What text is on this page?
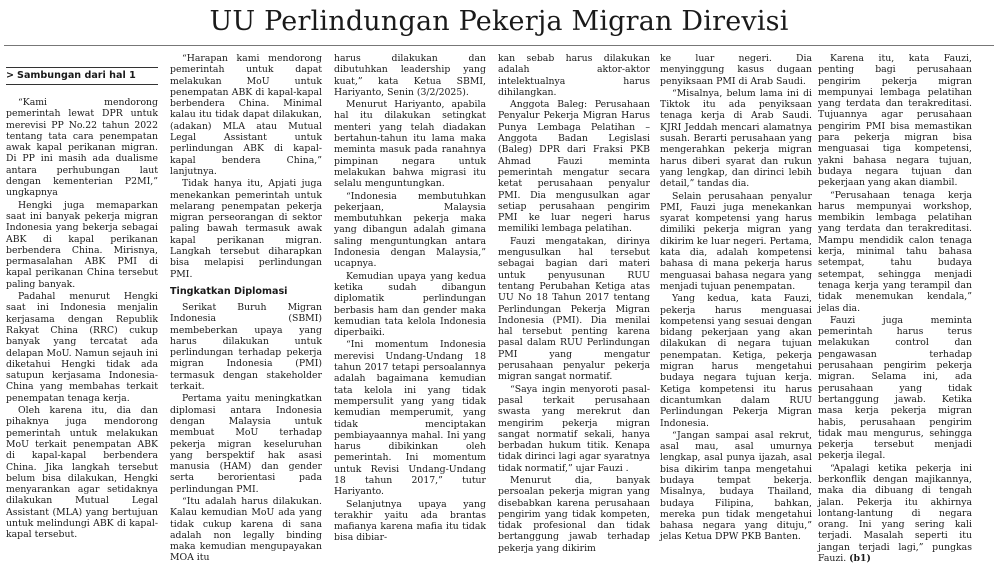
UU Perlindungan Pekerja Migran Direvisi
> Sambungan dari hal 1

“Kami mendorong pemerintah lewat DPR untuk merevisi PP No.22 tahun 2022 tentang tata cara penempatan awak kapal perikanan migran. Di PP ini masih ada dualisme antara perhubungan laut dengan kementerian P2MI,” ungkapnya

Hengki juga memaparkan saat ini banyak pekerja migran Indonesia yang bekerja sebagai ABK di kapal perikanan berbendera China. Mirisnya, permasalahan ABK PMI di kapal perikanan China tersebut paling banyak.

Padahal menurut Hengki saat ini Indonesia menjalin kerjasama dengan Republik Rakyat China (RRC) cukup banyak yang tercatat ada delapan MoU. Namun sejauh ini diketahui Hengki tidak ada satupun kerjasama Indonesia-China yang membahas terkait penempatan tenaga kerja.

Oleh karena itu, dia dan pihaknya juga mendorong pemerintah untuk melakukan MoU terkait penempatan ABK di kapal-kapal berbendera China. Jika langkah tersebut belum bisa dilakukan, Hengki menyarankan agar setidaknya dilakukan Mutual Legal Assistant (MLA) yang bertujuan untuk melindungi ABK di kapal-kapal tersebut.

“Harapan kami mendorong pemerintah untuk dapat melakukan MoU untuk penempatan ABK di kapal-kapal berbendera China. Minimal kalau itu tidak dapat dilakukan, (adakan) MLA atau Mutual Legal Assistant untuk perlindungan ABK di kapal-kapal bendera China,” lanjutnya.

Tidak hanya itu, Apjati juga menekankan pemerintah untuk melarang penempatan pekerja migran perseorangan di sektor paling bawah termasuk awak kapal perikanan migran. Langkah tersebut diharapkan bisa melapisi perlindungan PMI.

Tingkatkan Diplomasi

Serikat Buruh Migran Indonesia (SBMI) membeberkan upaya yang harus dilakukan untuk perlindungan terhadap pekerja migran Indonesia (PMI) termasuk dengan stakeholder terkait.

Pertama yaitu meningkatkan diplomasi antara Indonesia dengan Malaysia untuk membuat MoU terhadap pekerja migran keseluruhan yang berspektif hak asasi manusia (HAM) dan gender serta berorientasi pada perlindungan PMI.

“Itu adalah harus dilakukan. Kalau kemudian MoU ada yang tidak cukup karena di sana adalah non legally binding maka kemudian mengupayakan MOA itu

harus dilakukan dan dibutuhkan leadership yang kuat,” kata Ketua SBMI, Hariyanto, Senin (3/2/2025).

Menurut Hariyanto, apabila hal itu dilakukan setingkat menteri yang telah diadakan bertahun-tahun itu lama maka meminta masuk pada ranahnya pimpinan negara untuk melakukan bahwa migrasi itu selalu menguntungkan.

“Indonesia membutuhkan pekerjaan, Malaysia membutuhkan pekerja maka yang dibangun adalah gimana saling menguntungkan antara Indonesia dengan Malaysia,” ucapnya.

Kemudian upaya yang kedua ketika sudah dibangun diplomatik perlindungan berbasis ham dan gender maka kemudian tata kelola Indonesia diperbaiki.

“Ini momentum Indonesia merevisi Undang-Undang 18 tahun 2017 tetapi persoalannya adalah bagaimana kemudian tata kelola ini yang tidak mempersulit yang yang tidak kemudian memperumit, yang tidak menciptakan pembiayaannya mahal. Ini yang harus dibikinkan oleh pemerintah. Ini momentum untuk Revisi Undang-Undang 18 tahun 2017,” tutur Hariyanto.

Selanjutnya upaya yang terakhir yaitu ada brantas mafianya karena mafia itu tidak bisa dibiar-

kan sebab harus dilakukan adalah aktor-aktor intelektualnya harus dihilangkan.

Anggota Baleg: Perusahaan Penyalur Pekerja Migran Harus Punya Lembaga Pelatihan – Anggota Badan Legislasi (Baleg) DPR dari Fraksi PKB Ahmad Fauzi meminta pemerintah mengatur secara ketat perusahaan penyalur PMI. Dia mengusulkan agar setiap perusahaan pengirim PMI ke luar negeri harus memiliki lembaga pelatihan.

Fauzi mengatakan, dirinya mengusulkan hal tersebut sebagai bagian dari materi untuk penyusunan RUU tentang Perubahan Ketiga atas UU No 18 Tahun 2017 tentang Perlindungan Pekerja Migran Indonesia (PMI). Dia menilai hal tersebut penting karena pasal dalam RUU Perlindungan PMI yang mengatur perusahaan penyalur pekerja migran sangat normatif.

“Saya ingin menyoroti pasal-pasal terkait perusahaan swasta yang merekrut dan mengirim pekerja migran sangat normatif sekali, hanya berbadan hukum titik. Kenapa tidak dirinci lagi agar syaratnya tidak normatif,” ujar Fauzi .

Menurut dia, banyak persoalan pekerja migran yang disebabkan karena perusahaan pengirim yang tidak kompeten, tidak profesional dan tidak bertanggung jawab terhadap pekerja yang dikirim

ke luar negeri. Dia menyinggung kasus dugaan penyiksaan PMI di Arab Saudi.

“Misalnya, belum lama ini di Tiktok itu ada penyiksaan tenaga kerja di Arab Saudi. KJRI Jeddah mencari alamatnya susah. Berarti perusahaan yang mengerahkan pekerja migran harus diberi syarat dan rukun yang lengkap, dan dirinci lebih detail,” tandas dia.

Selain perusahaan penyalur PMI, Fauzi juga menekankan syarat kompetensi yang harus dimiliki pekerja migran yang dikirim ke luar negeri. Pertama, kata dia, adalah kompetensi bahasa di mana pekerja harus menguasai bahasa negara yang menjadi tujuan penempatan.

Yang kedua, kata Fauzi, pekerja harus menguasai kompetensi yang sesuai dengan bidang pekerjaan yang akan dilakukan di negara tujuan penempatan. Ketiga, pekerja migran harus mengetahui budaya negara tujuan kerja. Ketiga kompetensi itu harus dicantumkan dalam RUU Perlindungan Pekerja Migran Indonesia.

“Jangan sampai asal rekrut, asal mau, asal umurnya lengkap, asal punya ijazah, asal bisa dikirim tanpa mengetahui budaya tempat bekerja. Misalnya, budaya Thailand, budaya Filipina, bahkan, mereka pun tidak mengetahui bahasa negara yang dituju,” jelas Ketua DPW PKB Banten.

Karena itu, kata Fauzi, penting bagi perusahaan pengirim pekerja migran mempunyai lembaga pelatihan yang terdata dan terakreditasi. Tujuannya agar perusahaan pengirim PMI bisa memastikan para pekerja migran bisa menguasai tiga kompetensi, yakni bahasa negara tujuan, budaya negara tujuan dan pekerjaan yang akan diambil.

“Perusahaan tenaga kerja harus mempunyai workshop, membikin lembaga pelatihan yang terdata dan terakreditasi. Mampu mendidik calon tenaga kerja, minimal tahu bahasa setempat, tahu budaya setempat, sehingga menjadi tenaga kerja yang terampil dan tidak menemukan kendala,” jelas dia.

Fauzi juga meminta pemerintah harus terus melakukan control dan pengawasan terhadap perusahaan pengirim pekerja migran. Selama ini, ada perusahaan yang tidak bertanggung jawab. Ketika masa kerja pekerja migran habis, perusahaan pengirim tidak mau mengurus, sehingga pekerja tersebut menjadi pekerja ilegal.

“Apalagi ketika pekerja ini berkonflik dengan majikannya, maka dia dibuang di tengah jalan. Pekerja itu akhirnya lontang-lantung di negara orang. Ini yang sering kali terjadi. Masalah seperti itu jangan terjadi lagi,” pungkas Fauzi. (b1)
